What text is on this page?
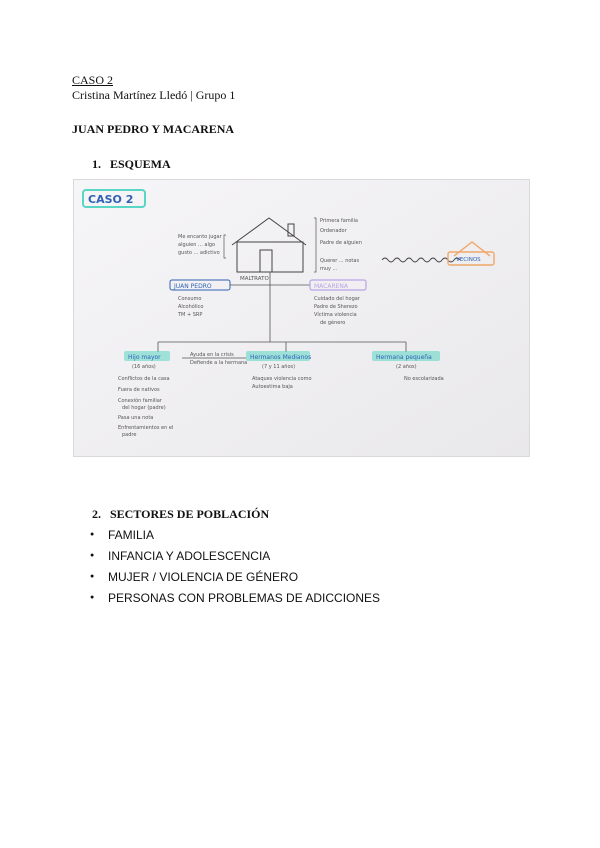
CASO 2
Cristina Martínez Lledó | Grupo 1
JUAN PEDRO Y MACARENA
1. ESQUEMA
CASO 2
Me encanto jugar
alguien ... algo
gusto ... adictivo
Primera familia
Ordenador
Padre de alguien
Querer ... notas
muy ...
VECINOS
JUAN PEDRO
MALTRATO
Consumo
Alcohólico
TM + SRP
MACARENA
Cuidado del hogar
Padre de Sherezo
Víctima violencia
de género
Hijo mayor
(16 años)
Conflictos de la casa
Fuera de nativos
Conexión familiar
del hogar (padre)
Pasa una nota
Enfrentamientos en el
padre
Ayuda en la crisis
Defiende a la hermana
Hermanos Medianos
(7 y 11 años)
Ataques violencia como
Autoestima baja
Hermana pequeña
(2 años)
No escolarizada
2. SECTORES DE POBLACIÓN
● FAMILIA
● INFANCIA Y ADOLESCENCIA
● MUJER / VIOLENCIA DE GÉNERO
● PERSONAS CON PROBLEMAS DE ADICCIONES
